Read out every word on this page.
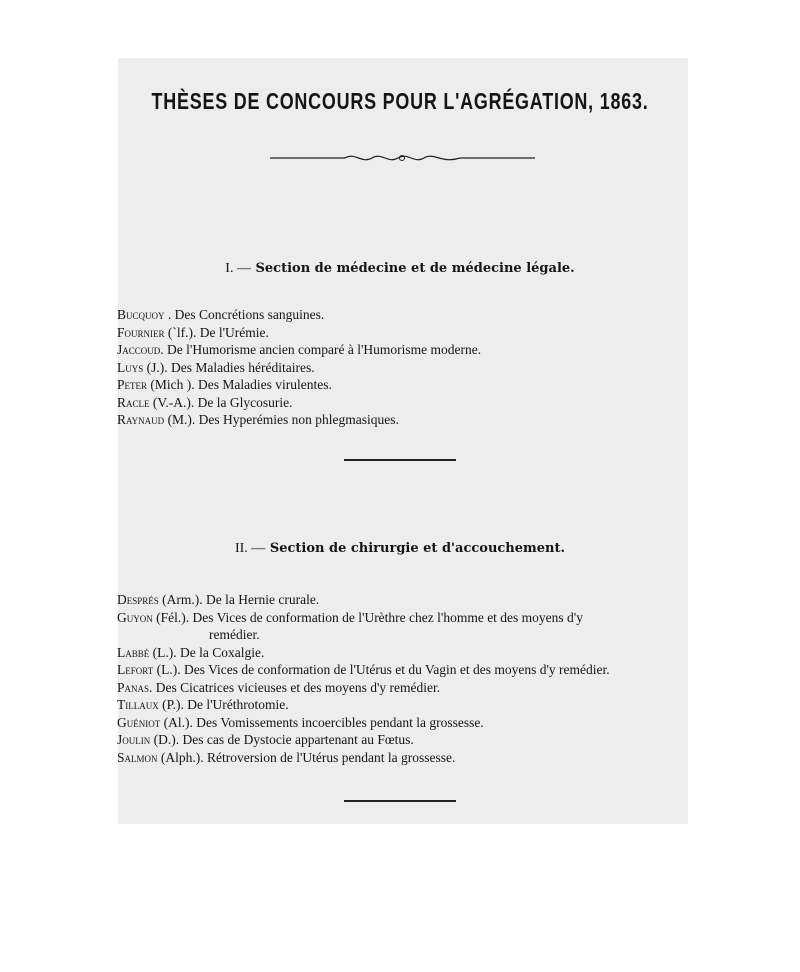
THÈSES DE CONCOURS POUR L'AGRÉGATION, 1863.
I. — Section de médecine et de médecine légale.
Bucquoy . Des Concrétions sanguines.
Fournier (`lf.). De l'Urémie.
Jaccoud. De l'Humorisme ancien comparé à l'Humorisme moderne.
Luys (J.). Des Maladies héréditaires.
Peter (Mich ). Des Maladies virulentes.
Racle (V.-A.). De la Glycosurie.
Raynaud (M.). Des Hyperémies non phlegmasiques.
II. — Section de chirurgie et d'accouchement.
Després (Arm.). De la Hernie crurale.
Guyon (Fél.). Des Vices de conformation de l'Urèthre chez l'homme et des moyens d'y
remédier.
Labbé (L.). De la Coxalgie.
Lefort (L.). Des Vices de conformation de l'Utérus et du Vagin et des moyens d'y remédier.
Panas. Des Cicatrices vicieuses et des moyens d'y remédier.
Tillaux (P.). De l'Uréthrotomie.
Guéniot (Al.). Des Vomissements incoercibles pendant la grossesse.
Joulin (D.). Des cas de Dystocie appartenant au Fœtus.
Salmon (Alph.). Rétroversion de l'Utérus pendant la grossesse.
